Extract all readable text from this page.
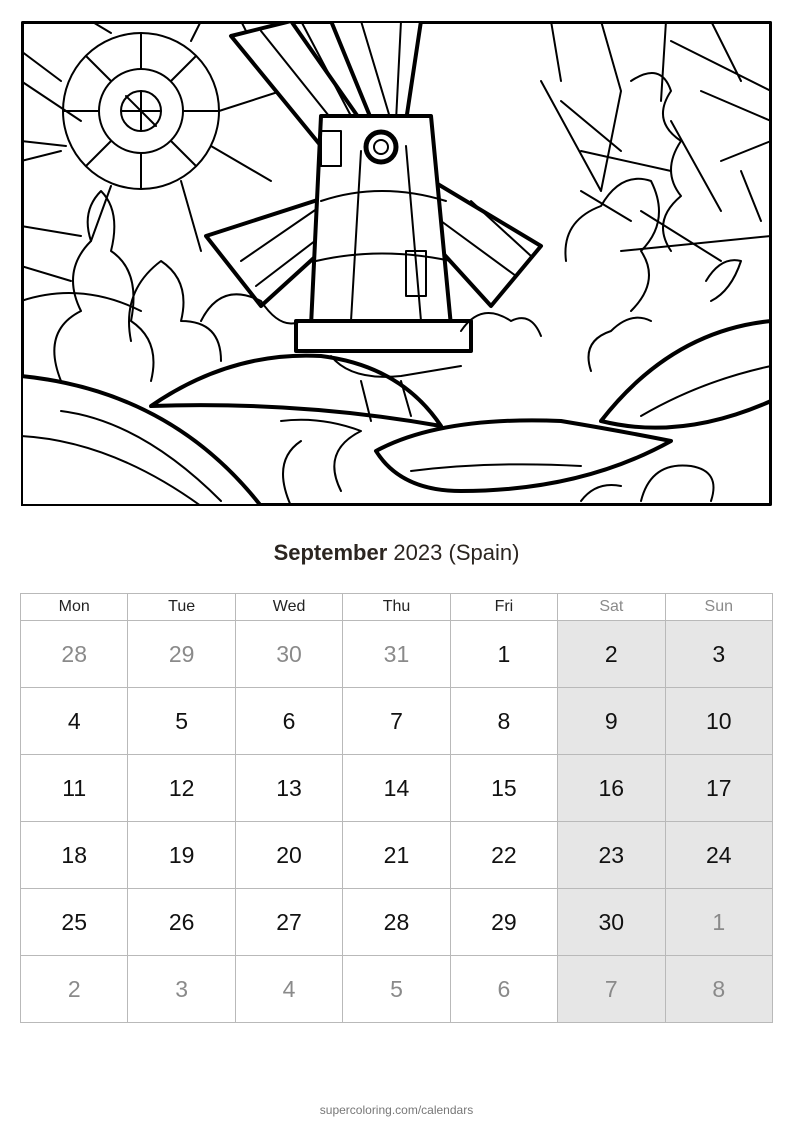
September 2023 (Spain)
Mon	Tue	Wed	Thu	Fri	Sat	Sun
28	29	30	31	1	2	3
4	5	6	7	8	9	10
11	12	13	14	15	16	17
18	19	20	21	22	23	24
25	26	27	28	29	30	1
2	3	4	5	6	7	8
supercoloring.com/calendars
